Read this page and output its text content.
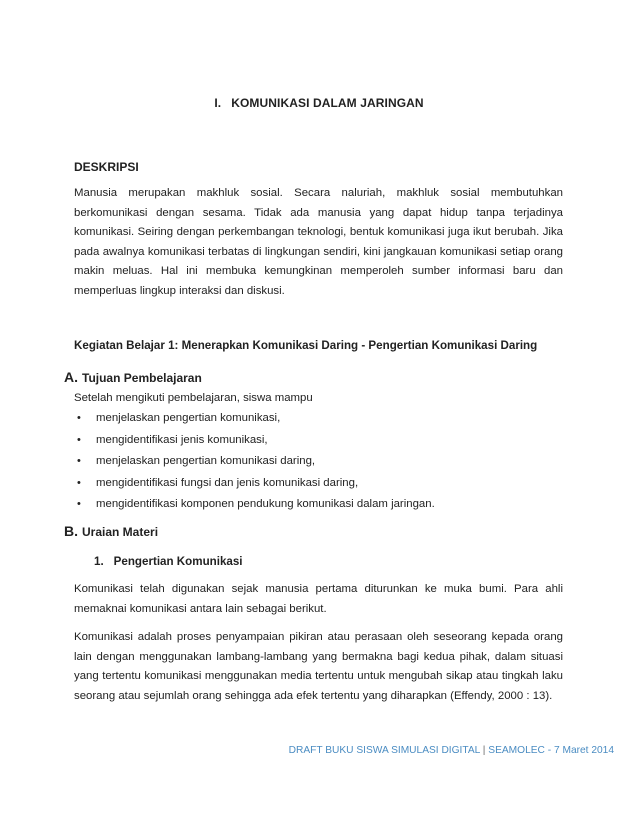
I. KOMUNIKASI DALAM JARINGAN
DESKRIPSI
Manusia merupakan makhluk sosial. Secara naluriah, makhluk sosial membutuhkan berkomunikasi dengan sesama. Tidak ada manusia yang dapat hidup tanpa terjadinya komunikasi. Seiring dengan perkembangan teknologi, bentuk komunikasi juga ikut berubah. Jika pada awalnya komunikasi terbatas di lingkungan sendiri, kini jangkauan komunikasi setiap orang makin meluas. Hal ini membuka kemungkinan memperoleh sumber informasi baru dan memperluas lingkup interaksi dan diskusi.
Kegiatan Belajar 1: Menerapkan Komunikasi Daring - Pengertian Komunikasi Daring
A. Tujuan Pembelajaran
Setelah mengikuti pembelajaran, siswa mampu
• menjelaskan pengertian komunikasi,
• mengidentifikasi jenis komunikasi,
• menjelaskan pengertian komunikasi daring,
• mengidentifikasi fungsi dan jenis komunikasi daring,
• mengidentifikasi komponen pendukung komunikasi dalam jaringan.
B. Uraian Materi
1. Pengertian Komunikasi
Komunikasi telah digunakan sejak manusia pertama diturunkan ke muka bumi. Para ahli memaknai komunikasi antara lain sebagai berikut.
Komunikasi adalah proses penyampaian pikiran atau perasaan oleh seseorang kepada orang lain dengan menggunakan lambang-lambang yang bermakna bagi kedua pihak, dalam situasi yang tertentu komunikasi menggunakan media tertentu untuk mengubah sikap atau tingkah laku seorang atau sejumlah orang sehingga ada efek tertentu yang diharapkan (Effendy, 2000 : 13).
DRAFT BUKU SISWA SIMULASI DIGITAL | SEAMOLEC - 7 Maret 2014
